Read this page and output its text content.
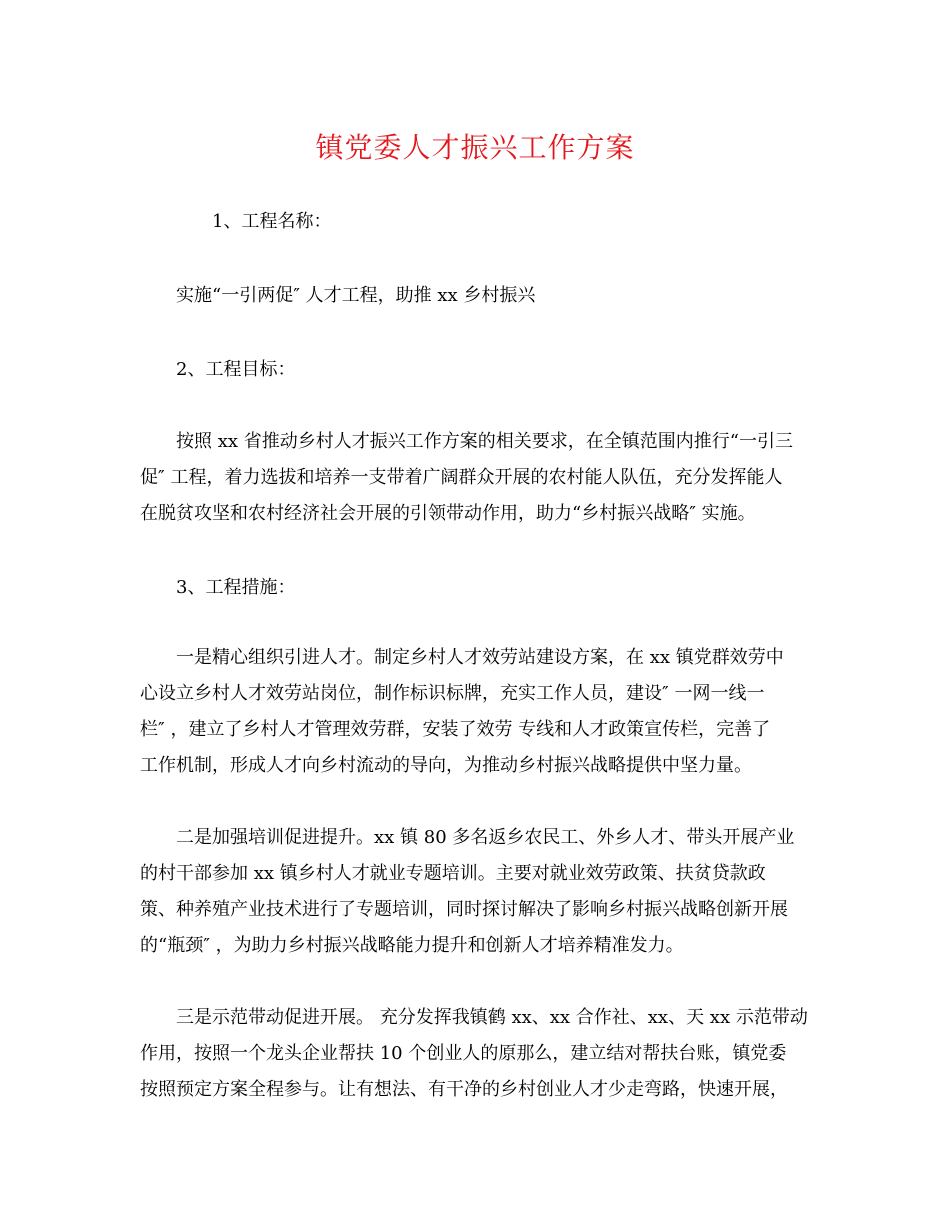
镇党委人才振兴工作方案
1、工程名称：
实施“一引两促″ 人才工程，助推 xx 乡村振兴
2、工程目标：
按照 xx 省推动乡村人才振兴工作方案的相关要求，在全镇范围内推行“一引三
促″ 工程，着力选拔和培养一支带着广阔群众开展的农村能人队伍，充分发挥能人
在脱贫攻坚和农村经济社会开展的引领带动作用，助力“乡村振兴战略″ 实施。
3、工程措施：
一是精心组织引进人才。制定乡村人才效劳站建设方案，在 xx 镇党群效劳中
心设立乡村人才效劳站岗位，制作标识标牌，充实工作人员，建设″ 一网一线一
栏″ ，建立了乡村人才管理效劳群，安装了效劳 专线和人才政策宣传栏，完善了
工作机制，形成人才向乡村流动的导向，为推动乡村振兴战略提供中坚力量。
二是加强培训促进提升。xx 镇 80 多名返乡农民工、外乡人才、带头开展产业
的村干部参加 xx 镇乡村人才就业专题培训。主要对就业效劳政策、扶贫贷款政
策、种养殖产业技术进行了专题培训，同时探讨解决了影响乡村振兴战略创新开展
的“瓶颈″ ，为助力乡村振兴战略能力提升和创新人才培养精准发力。
三是示范带动促进开展。 充分发挥我镇鹤 xx、xx 合作社、xx、天 xx 示范带动
作用，按照一个龙头企业帮扶 10 个创业人的原那么，建立结对帮扶台账，镇党委
按照预定方案全程参与。让有想法、有干净的乡村创业人才少走弯路，快速开展，
